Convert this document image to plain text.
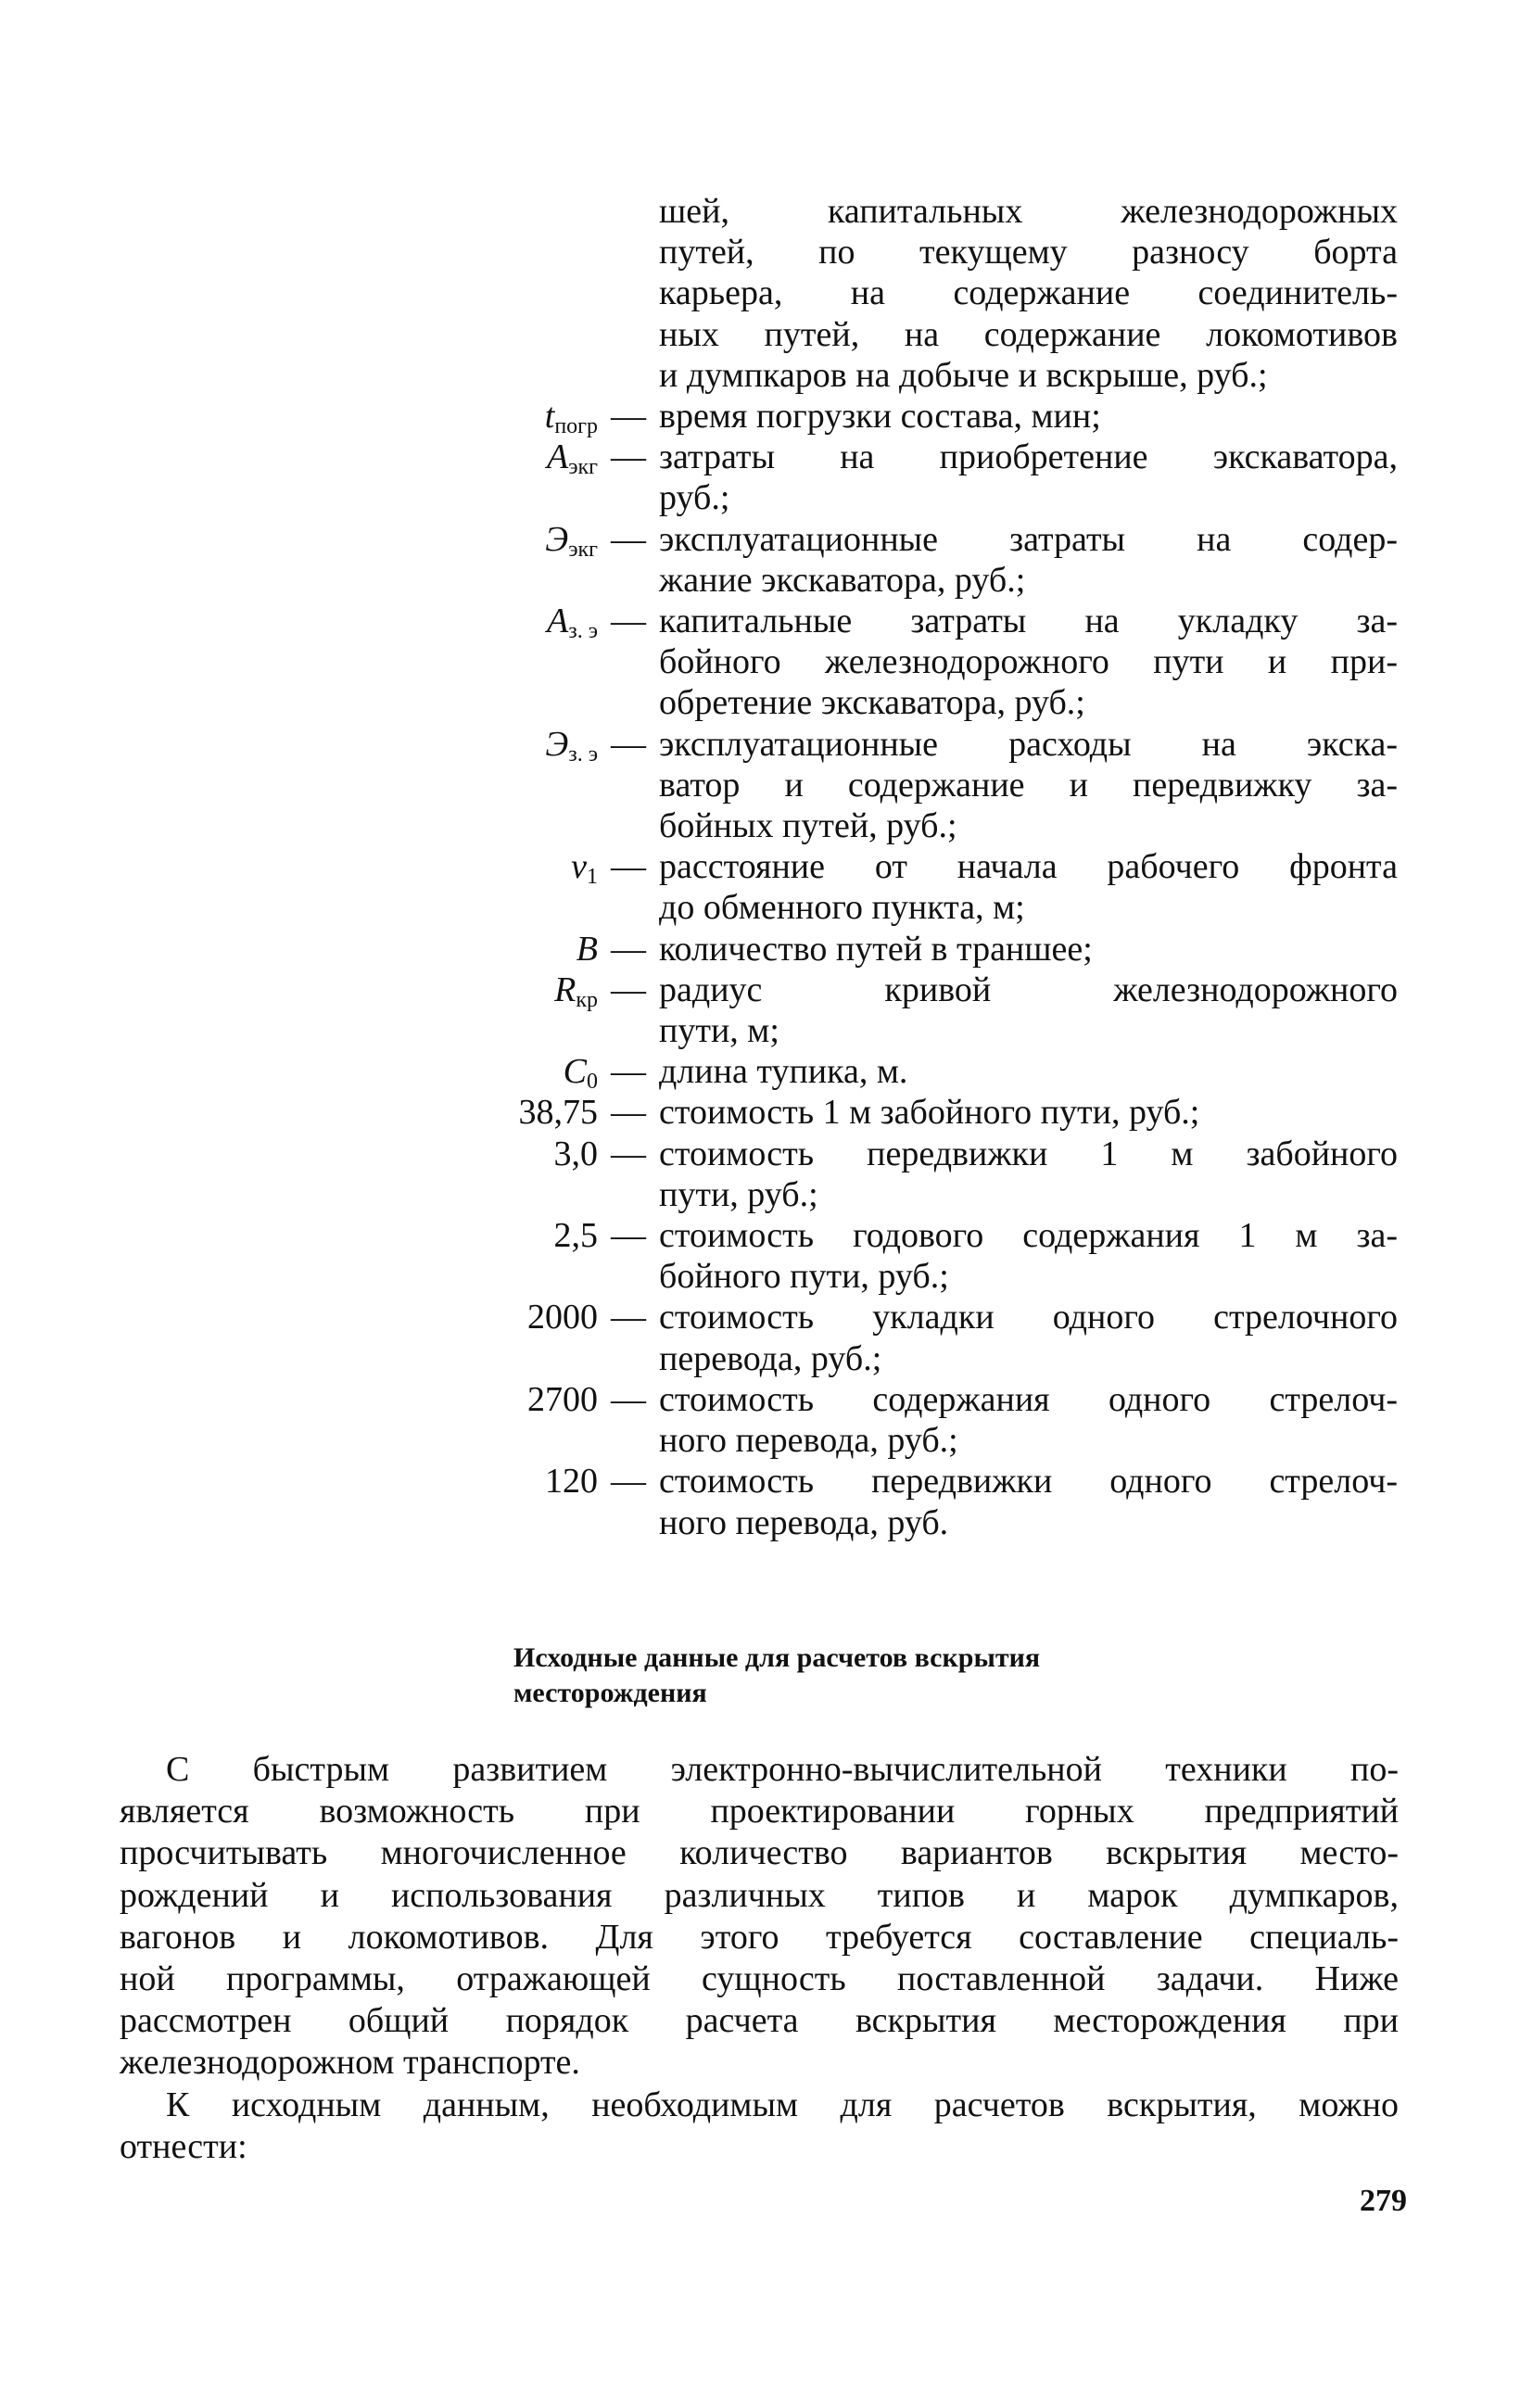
шей, капитальных железнодорожных
путей, по текущему разносу борта
карьера, на содержание соединитель-
ных путей, на содержание локомотивов
и думпкаров на добыче и вскрыше, руб.;
$t_{погр}$ — время погрузки состава, мин;
$A_{экг}$ — затраты на приобретение экскаватора,
руб.;
$Э_{экг}$ — эксплуатационные затраты на содер-
жание экскаватора, руб.;
$A_{з. э}$ — капитальные затраты на укладку за-
бойного железнодорожного пути и при-
обретение экскаватора, руб.;
$Э_{з. э}$ — эксплуатационные расходы на экска-
ватор и содержание и передвижку за-
бойных путей, руб.;
$\nu_1$ — расстояние от начала рабочего фронта
до обменного пункта, м;
B — количество путей в траншее;
$R_{кр}$ — радиус кривой железнодорожного
пути, м;
$C_0$ — длина тупика, м.
38,75 — стоимость 1 м забойного пути, руб.;
3,0 — стоимость передвижки 1 м забойного
пути, руб.;
2,5 — стоимость годового содержания 1 м за-
бойного пути, руб.;
2000 — стоимость укладки одного стрелочного
перевода, руб.;
2700 — стоимость содержания одного стрелоч-
ного перевода, руб.;
120 — стоимость передвижки одного стрелоч-
ного перевода, руб.
Исходные данные для расчетов вскрытия
месторождения
С быстрым развитием электронно-вычислительной техники по-
является возможность при проектировании горных предприятий
просчитывать многочисленное количество вариантов вскрытия место-
рождений и использования различных типов и марок думпкаров,
вагонов и локомотивов. Для этого требуется составление специаль-
ной программы, отражающей сущность поставленной задачи. Ниже
рассмотрен общий порядок расчета вскрытия месторождения при
железнодорожном транспорте.
К исходным данным, необходимым для расчетов вскрытия, можно
отнести:
279
